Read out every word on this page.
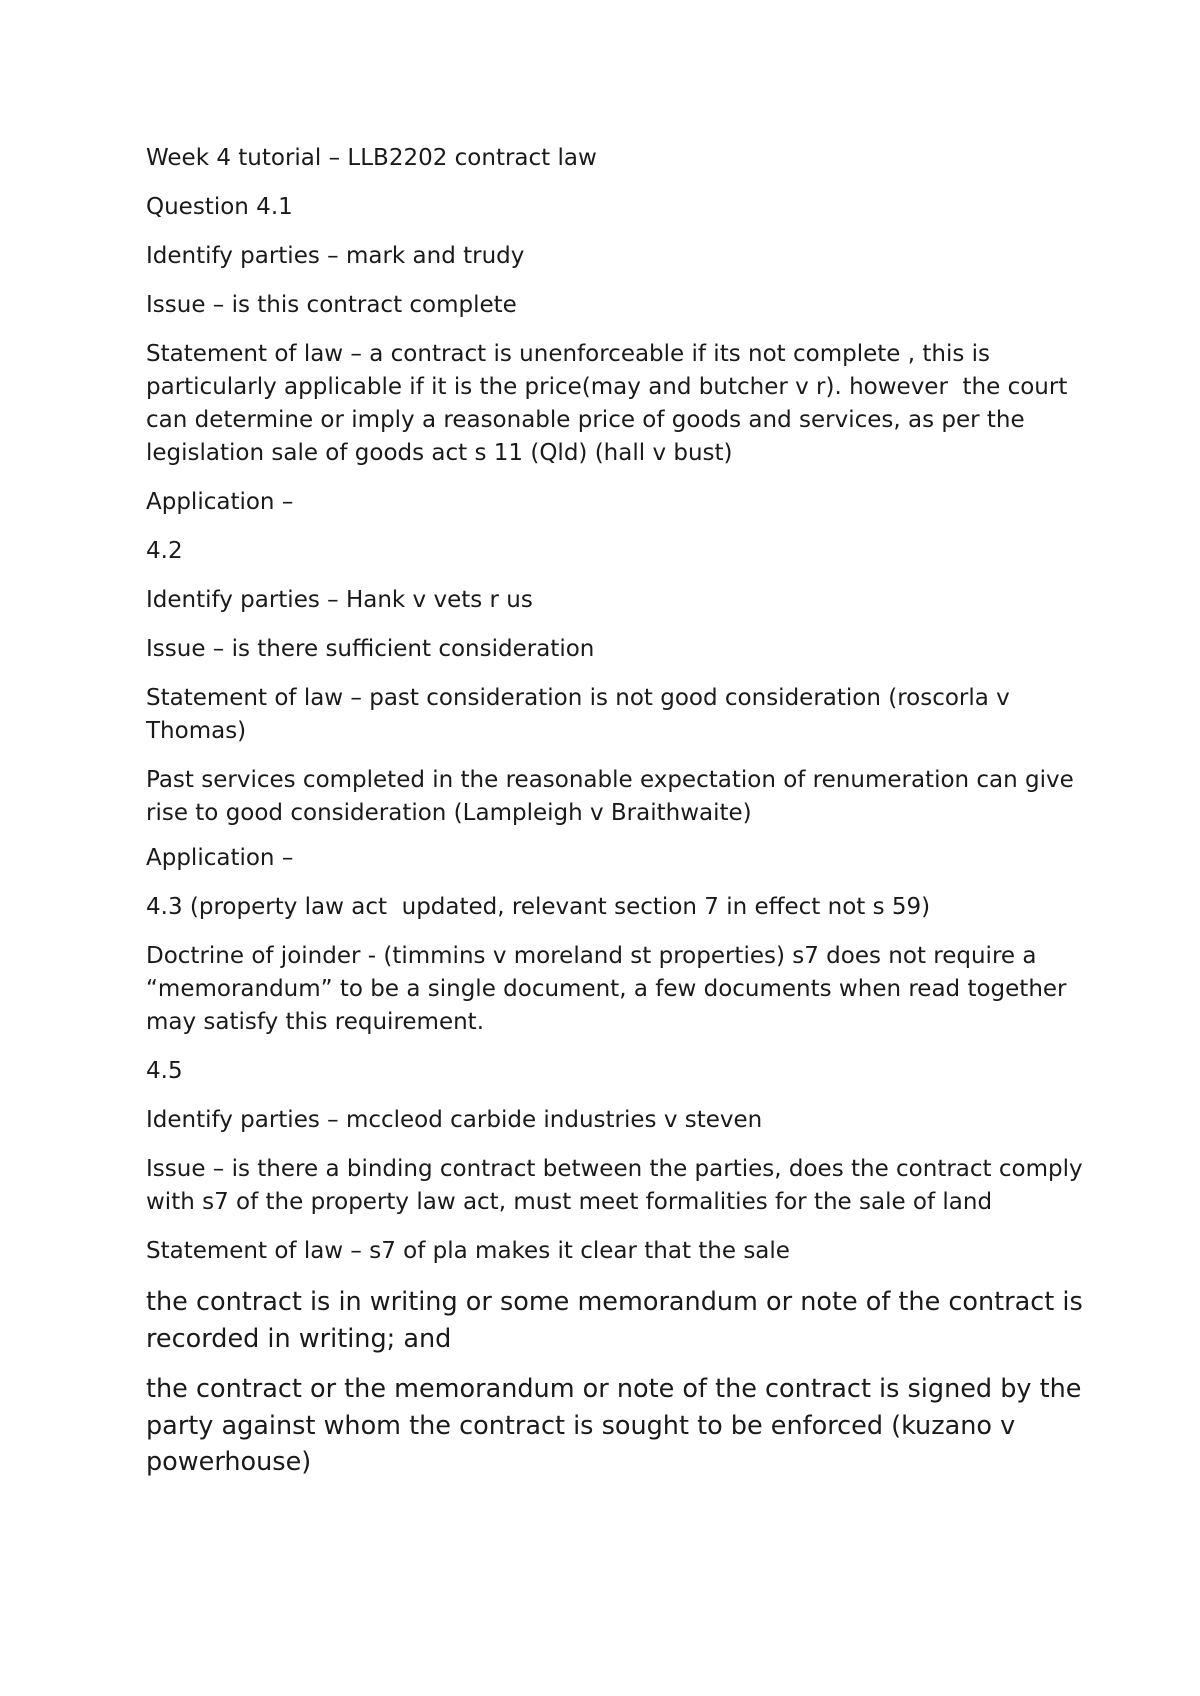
Week 4 tutorial – LLB2202 contract law

Question 4.1

Identify parties – mark and trudy

Issue – is this contract complete

Statement of law – a contract is unenforceable if its not complete , this is particularly applicable if it is the price(may and butcher v r). however  the court can determine or imply a reasonable price of goods and services, as per the legislation sale of goods act s 11 (Qld) (hall v bust)

Application –

4.2

Identify parties – Hank v vets r us

Issue – is there sufficient consideration

Statement of law – past consideration is not good consideration (roscorla v Thomas)

Past services completed in the reasonable expectation of renumeration can give rise to good consideration (Lampleigh v Braithwaite)

Application –

4.3 (property law act  updated, relevant section 7 in effect not s 59)

Doctrine of joinder - (timmins v moreland st properties) s7 does not require a “memorandum” to be a single document, a few documents when read together may satisfy this requirement.

4.5

Identify parties – mccleod carbide industries v steven

Issue – is there a binding contract between the parties, does the contract comply with s7 of the property law act, must meet formalities for the sale of land

Statement of law – s7 of pla makes it clear that the sale

the contract is in writing or some memorandum or note of the contract is recorded in writing; and

the contract or the memorandum or note of the contract is signed by the party against whom the contract is sought to be enforced (kuzano v powerhouse)
